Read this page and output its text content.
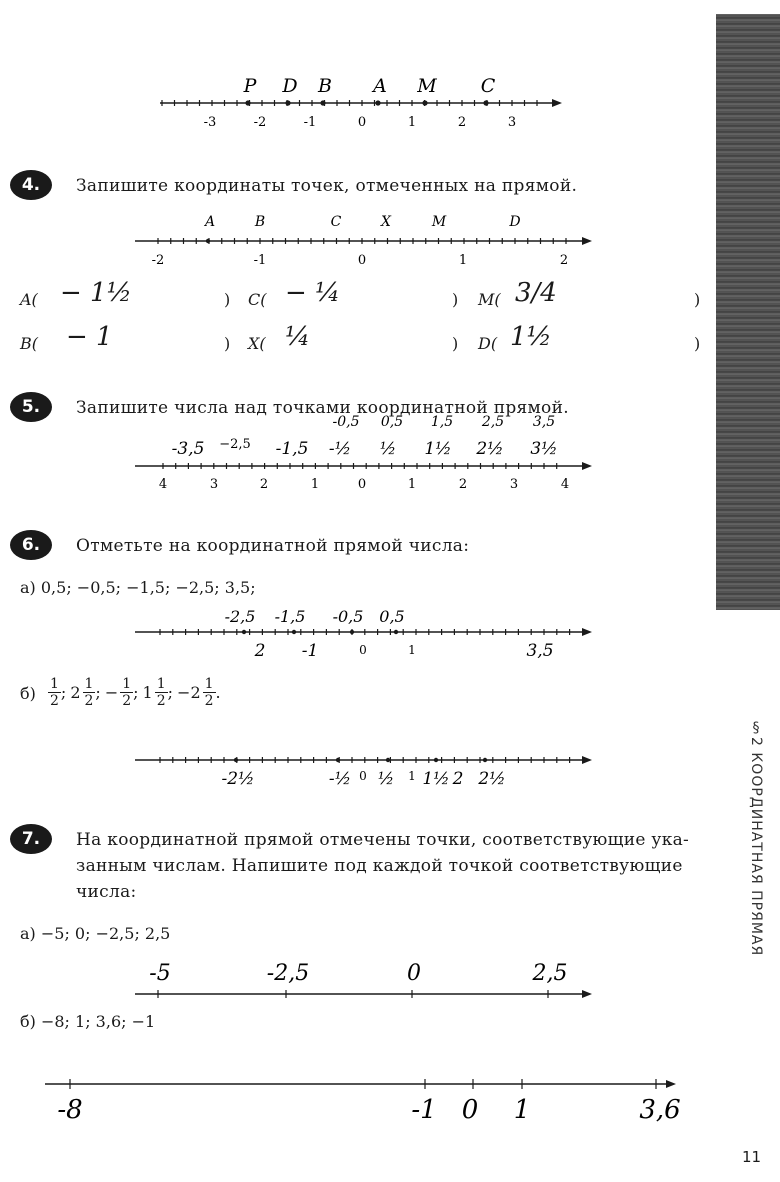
§2 КООРДИНАТНАЯ ПРЯМАЯ
11
-3	-2	-1	0	1	2	3
P D B A M C
4.	Запишите координаты точек, отмеченных на прямой.
A	B	C	X	M	D
-2	-1	0	1	2
A( − 1½	) C( − ¼	) M( 3/4	)
B( − 1	) X( ¼	) D( 1½	)
5.	Запишите числа над точками координатной прямой.
4	3	2	1	0	1	2	3	4
−2,5
-0,5 0,5 1,5 2,5 3,5
-3,5	-1,5 -½ ½ 1½ 2½ 3½
6.	Отметьте на координатной прямой числа:
а) 0,5; −0,5; −1,5; −2,5; 3,5;
0	1
-2,5 -1,5 -0,5 0,5
2 -1	3,5
$б) \frac{1}{2}$ ; $2 \frac{1}{2}$ ; − $\frac{1}{2}$ ; $1 \frac{1}{2}$ ; $-2 \frac{1}{2}$ .
0	1
-2½	-½ ½ 1½ 2 2½
7.	На координатной прямой отмечены точки, соответствующие ука-
занным числам. Напишите под каждой точкой соответствующие
числа:
а) −5; 0; −2,5; 2,5
-5	-2,5	0	2,5
б) −8; 1; 3,6; −1
-8	-1 0 1	3,6
